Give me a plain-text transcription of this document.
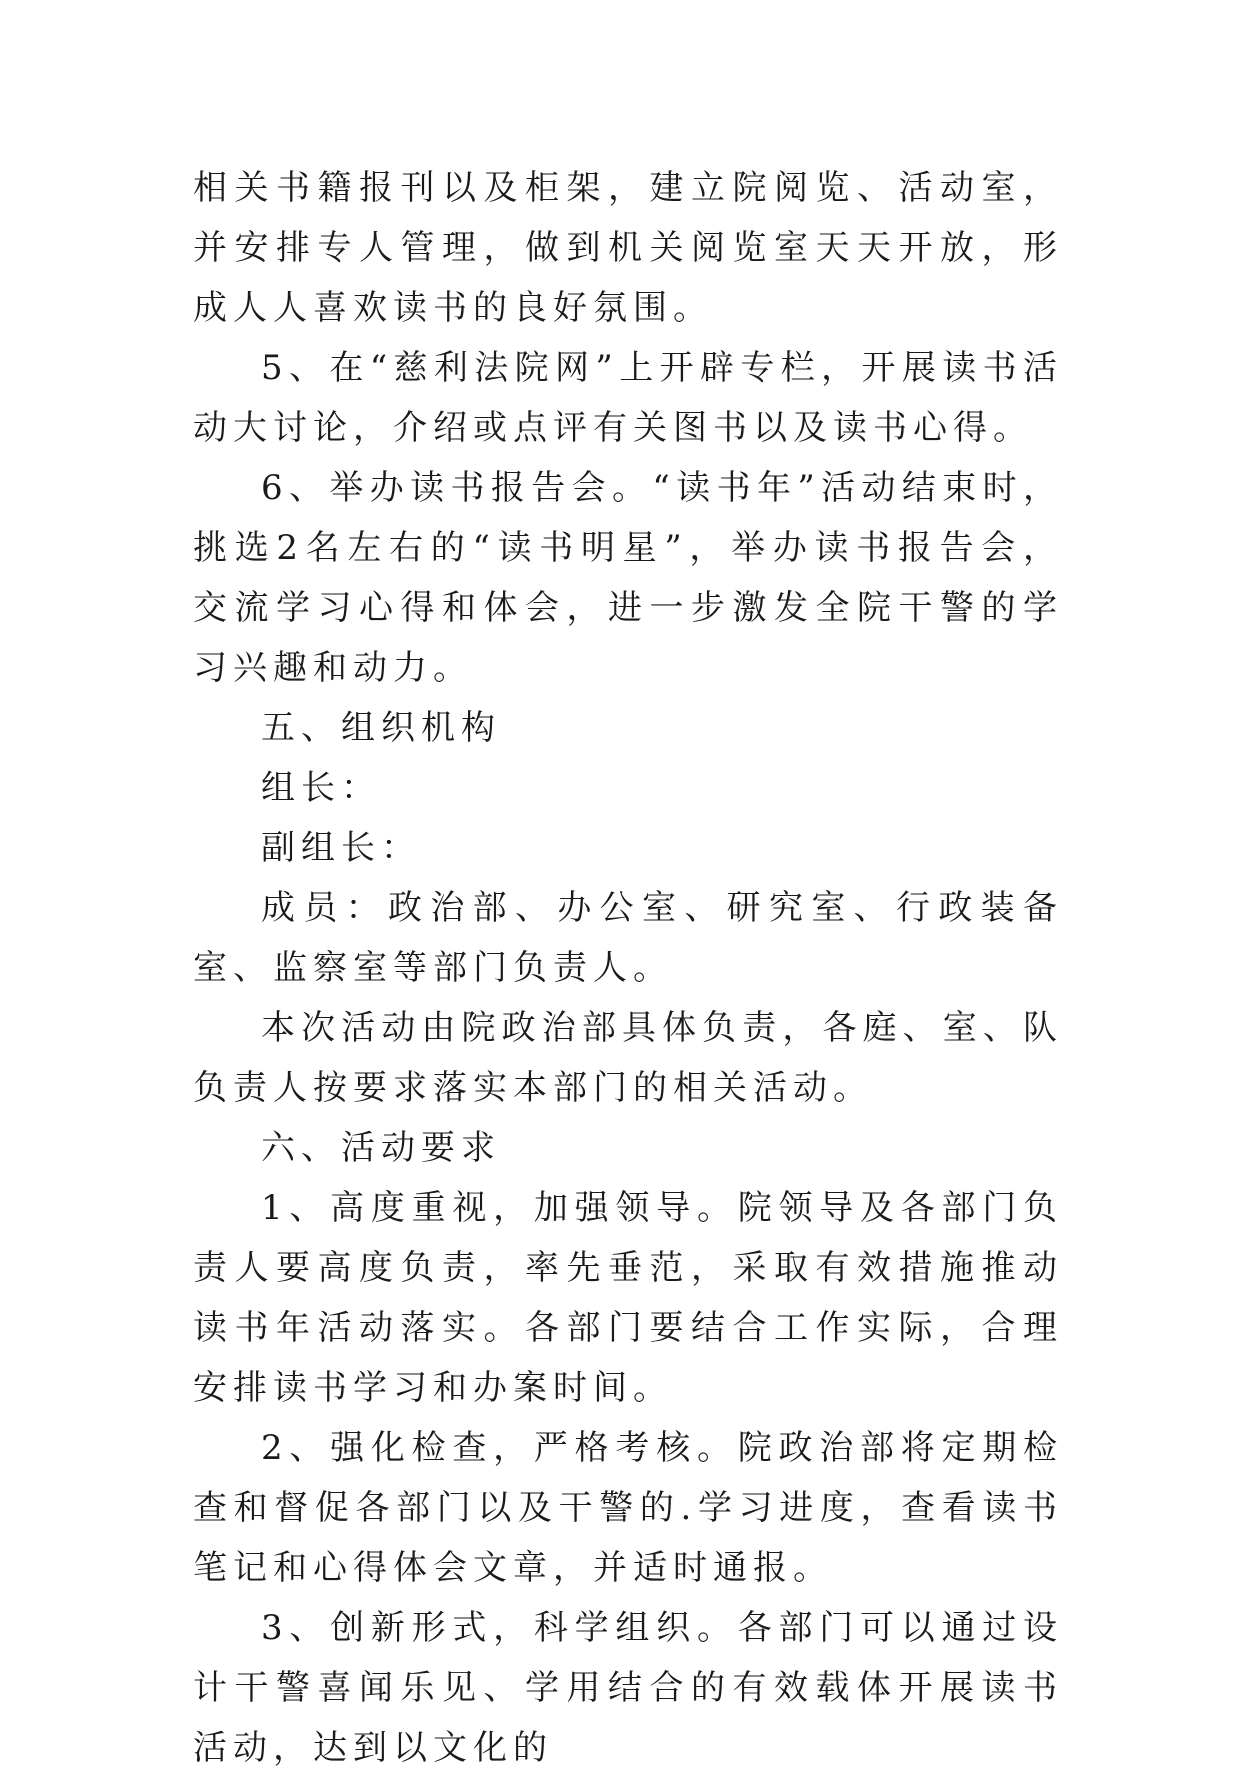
相关书籍报刊以及柜架，建立院阅览、活动室，并安排专人管理，做到机关阅览室天天开放，形成人人喜欢读书的良好氛围。

5、在“慈利法院网”上开辟专栏，开展读书活动大讨论，介绍或点评有关图书以及读书心得。

6、举办读书报告会。“读书年”活动结束时，挑选2名左右的“读书明星”，举办读书报告会，交流学习心得和体会，进一步激发全院干警的学习兴趣和动力。

五、组织机构

组长：

副组长：

成员：政治部、办公室、研究室、行政装备室、监察室等部门负责人。

本次活动由院政治部具体负责，各庭、室、队负责人按要求落实本部门的相关活动。

六、活动要求

1、高度重视，加强领导。院领导及各部门负责人要高度负责，率先垂范，采取有效措施推动读书年活动落实。各部门要结合工作实际，合理安排读书学习和办案时间。

2、强化检查，严格考核。院政治部将定期检查和督促各部门以及干警的.学习进度，查看读书笔记和心得体会文章，并适时通报。

3、创新形式，科学组织。各部门可以通过设计干警喜闻乐见、学用结合的有效载体开展读书活动，达到以文化的
